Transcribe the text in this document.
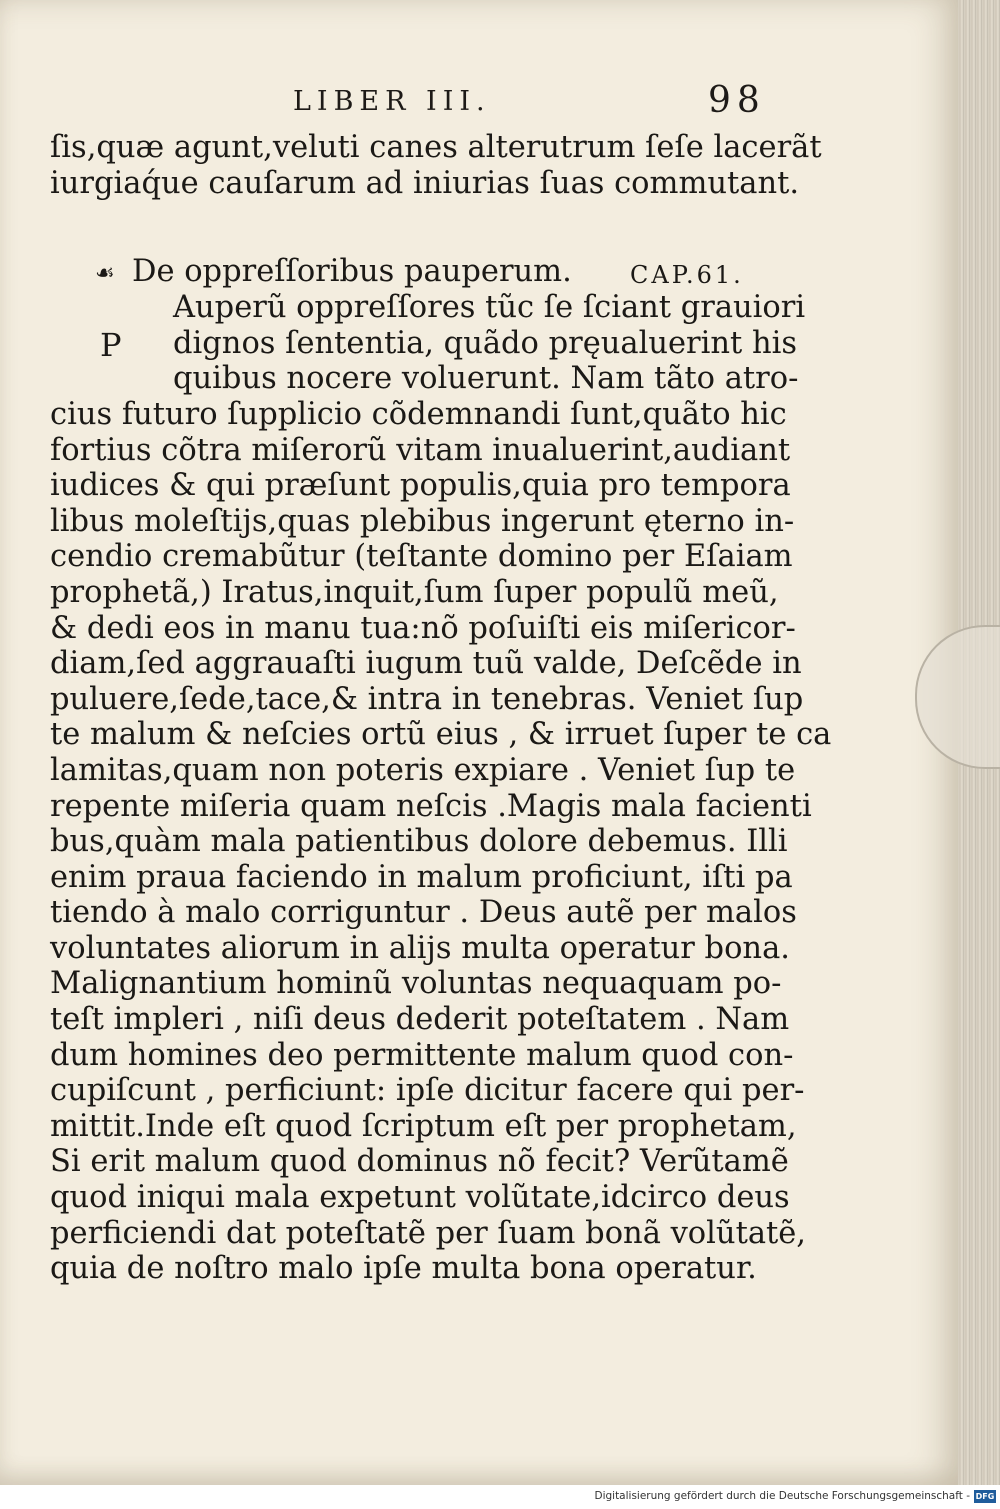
LIBER III.	98
ſis,quæ agunt,veluti canes alterutrum ſeſe lacerãt
iurgiaq́ue cauſarum ad iniurias ſuas commutant.
☙ De oppreſſoribus pauperum. CAP.61.
Auperũ oppreſſores tũc ſe ſciant grauiori
P dignos ſententia, quãdo pręualuerint his
quibus nocere voluerunt. Nam tãto atro-
cius futuro ſupplicio cõdemnandi ſunt,quãto hic
fortius cõtra miſerorũ vitam inualuerint,audiant
iudices & qui præſunt populis,quia pro tempora
libus moleſtijs,quas plebibus ingerunt ęterno in-
cendio cremabũtur (teſtante domino per Eſaiam
prophetã,) Iratus,inquit,ſum ſuper populũ meũ,
& dedi eos in manu tua:nõ poſuiſti eis miſericor-
diam,ſed aggrauaſti iugum tuũ valde, Deſcẽde in
puluere,ſede,tace,& intra in tenebras. Veniet ſup
te malum & neſcies ortũ eius , & irruet ſuper te ca
lamitas,quam non poteris expiare . Veniet ſup te
repente miſeria quam neſcis .Magis mala facienti
bus,quàm mala patientibus dolore debemus. Illi
enim praua faciendo in malum proficiunt, iſti pa
tiendo à malo corriguntur . Deus autẽ per malos
voluntates aliorum in alijs multa operatur bona.
Malignantium hominũ voluntas nequaquam po-
teſt impleri , niſi deus dederit poteſtatem . Nam
dum homines deo permittente malum quod con-
cupiſcunt , perficiunt: ipſe dicitur facere qui per-
mittit.Inde eſt quod ſcriptum eſt per prophetam,
Si erit malum quod dominus nõ fecit? Verũtamẽ
quod iniqui mala expetunt volũtate,idcirco deus
perficiendi dat poteſtatẽ per ſuam bonã volũtatẽ,
quia de noſtro malo ipſe multa bona operatur.
Digitalisierung gefördert durch die Deutsche Forschungsgemeinschaft - DFG
